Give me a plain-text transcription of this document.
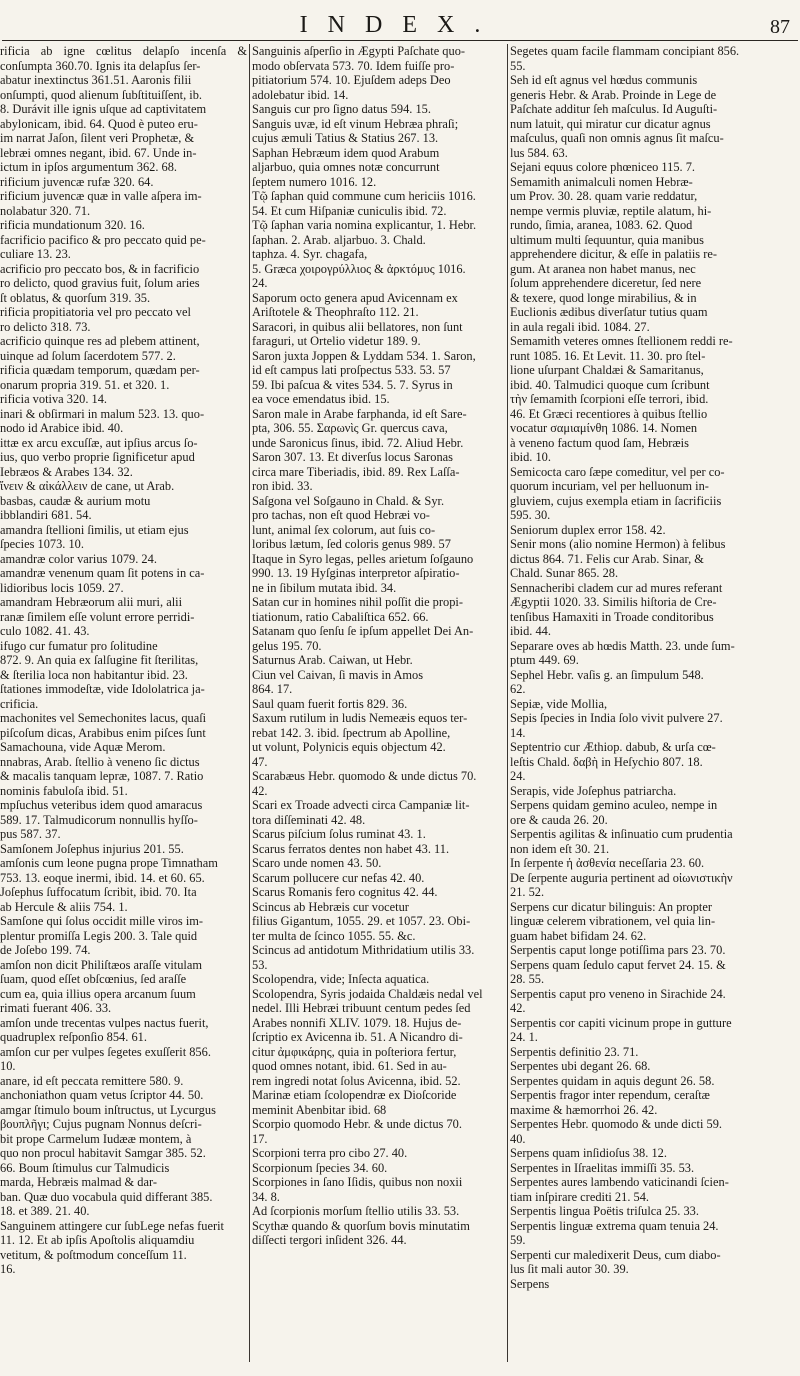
INDEX.	87
rificia ab igne cœlitus delapſo incenſa & conſumpta 360.70. Ignis ita delapſus ſer-
abatur inextinctus 361.51. Aaronis filii
onſumpti, quod alienum ſubſtituiſſent, ib.
8. Durávit ille ignis uſque ad captivitatem
abylonicam, ibid. 64. Quod è puteo eru-
im narrat Jaſon, ſilent veri Prophetæ, &
lebræi omnes negant, ibid. 67. Unde in-
ictum in ipſos argumentum 362. 68.
rificium juvencæ rufæ 320. 64.
rificium juvencæ quæ in valle aſpera im-
nolabatur 320. 71.
rificia mundationum 320. 16.
facrificio pacifico & pro peccato quid pe-
culiare 13. 23.
acrificio pro peccato bos, & in facrificio
ro delicto, quod gravius fuit, ſolum aries
ſt oblatus, & quorſum 319. 35.
rificia propitiatoria vel pro peccato vel
ro delicto 318. 73.
acrificio quinque res ad plebem attinent,
uinque ad ſolum ſacerdotem 577. 2.
rificia quædam temporum, quædam per-
onarum propria 319. 51. et 320. 1.
rificia votiva 320. 14.
inari & obſirmari in malum 523. 13. quo-
nodo id Arabice ibid. 40.
ittæ ex arcu excuſſæ, aut ipſius arcus ſo-
ius, quo verbo proprie ſignificetur apud
Iebræos & Arabes 134. 32.
ἴνειν & αἰκάλλειν de cane, ut Arab.
basbas, caudæ & aurium motu
ibblandiri 681. 54.
amandra ſtellioni ſimilis, ut etiam ejus
ſpecies 1073. 10.
amandræ color varius 1079. 24.
amandræ venenum quam ſit potens in ca-
lidioribus locis 1059. 27.
amandram Hebræorum alii muri, alii
ranæ ſimilem eſſe volunt errore perridi-
culo 1082. 41. 43.
ifugo cur fumatur pro ſolitudine
872. 9. An quia ex ſalſugine fit ſterilitas,
& ſterilia loca non habitantur ibid. 23.
ſtationes immodeſtæ, vide Idololatrica ja-
crificia.
machonites vel Semechonites lacus, quaſi
piſcoſum dicas, Arabibus enim piſces ſunt
Samachouna, vide Aquæ Merom.
nnabras, Arab. ſtellio à veneno ſic dictus
& macalis tanquam lepræ, 1087. 7. Ratio
nominis fabuloſa ibid. 51.
mpſuchus veteribus idem quod amaracus
589. 17. Talmudicorum nonnullis hyſſo-
pus 587. 37.
Samſonem Joſephus injurius 201. 55.
amſonis cum leone pugna prope Timnatham
753. 13. eoque inermi, ibid. 14. et 60. 65.
Joſephus ſuffocatum ſcribit, ibid. 70. Ita
ab Hercule & aliis 754. 1.
Samſone qui ſolus occidit mille viros im-
plentur promiſſa Legis 200. 3. Tale quid
de Joſebo 199. 74.
amſon non dicit Philiſtæos araſſe vitulam
ſuam, quod eſſet obſcœnius, ſed araſſe
cum ea, quia illius opera arcanum ſuum
rimati fuerant 406. 33.
amſon unde trecentas vulpes nactus fuerit,
quadruplex reſponſio 854. 61.
amſon cur per vulpes ſegetes exuſſerit 856.
10.
anare, id eſt peccata remittere 580. 9.
anchoniathon quam vetus ſcriptor 44. 50.
amgar ſtimulo boum inſtructus, ut Lycurgus
βουπλῆγι; Cujus pugnam Nonnus deſcri-
bit prope Carmelum Iudææ montem, à
quo non procul habitavit Samgar 385. 52.
66. Boum ſtimulus cur Talmudicis
marda, Hebræis malmad & dar-
ban. Quæ duo vocabula quid differant 385.
18. et 389. 21. 40.
Sanguinem attingere cur ſubLege nefas fuerit
11. 12. Et ab ipſis Apoſtolis aliquamdiu
vetitum, & poſtmodum conceſſum 11.
16.
Sanguinis aſperſio in Ægypti Paſchate quo-
modo obſervata 573. 70. Idem fuiſſe pro-
pitiatorium 574. 10. Ejuſdem adeps Deo
adolebatur ibid. 14.
Sanguis cur pro ſigno datus 594. 15.
Sanguis uvæ, id eſt vinum Hebræa phraſi;
cujus æmuli Tatius & Statius 267. 13.
Saphan Hebræum idem quod Arabum
aljarbuo, quia omnes notæ concurrunt
ſeptem numero 1016. 12.
Τῷ ſaphan quid commune cum hericiis 1016.
54. Et cum Hiſpaniæ cuniculis ibid. 72.
Τῷ ſaphan varia nomina explicantur, 1. Hebr.
ſaphan. 2. Arab. aljarbuo. 3. Chald.
taphza. 4. Syr. chagafa,
5. Græca χοιρογρύλλιος & ἀρκτόμυς 1016.
24.
Saporum octo genera apud Avicennam ex
Ariſtotele & Theophraſto 112. 21.
Saracori, in quibus alii bellatores, non ſunt
faraguri, ut Ortelio videtur 189. 9.
Saron juxta Joppen & Lyddam 534. 1. Saron,
id eſt campus lati proſpectus 533. 53. 57
59. Ibi paſcua & vites 534. 5. 7. Syrus in
ea voce emendatus ibid. 15.
Saron male in Arabe farphanda, id eſt Sare-
pta, 306. 55. Σαρωνὶς Gr. quercus cava,
unde Saronicus ſinus, ibid. 72. Aliud Hebr.
Saron 307. 13. Et diverſus locus Saronas
circa mare Tiberiadis, ibid. 89. Rex Laſſa-
ron ibid. 33.
Saſgona vel Soſgauno in Chald. & Syr.
pro tachas, non eſt quod Hebræi vo-
lunt, animal ſex colorum, aut ſuis co-
loribus lætum, ſed coloris genus 989. 57
Itaque in Syro legas, pelles arietum ſoſgauno
990. 13. 19 Hyſginas interpretor aſpiratio-
ne in ſibilum mutata ibid. 34.
Satan cur in homines nihil poſſit die propi-
tiationum, ratio Cabaliſtica 652. 66.
Satanam quo ſenſu ſe ipſum appellet Dei An-
gelus 195. 70.
Saturnus Arab. Caiwan, ut Hebr.
Ciun vel Caivan, ſi mavis in Amos
864. 17.
Saul quam fuerit fortis 829. 36.
Saxum rutilum in ludis Nemeæis equos ter-
rebat 142. 3. ibid. ſpectrum ab Apolline,
ut volunt, Polynicis equis objectum 42.
47.
Scarabæus Hebr. quomodo & unde dictus 70.
42.
Scari ex Troade advecti circa Campaniæ lit-
tora diſſeminati 42. 48.
Scarus piſcium ſolus ruminat 43. 1.
Scarus ferratos dentes non habet 43. 11.
Scaro unde nomen 43. 50.
Scarum pollucere cur nefas 42. 40.
Scarus Romanis fero cognitus 42. 44.
Scincus ab Hebræis cur vocetur
filius Gigantum, 1055. 29. et 1057. 23. Obi-
ter multa de ſcinco 1055. 55. &c.
Scincus ad antidotum Mithridatium utilis 33.
53.
Scolopendra, vide; Inſecta aquatica.
Scolopendra, Syris jodaida Chaldæis nedal vel
nedel. Illi Hebræi tribuunt centum pedes ſed
Arabes nonnifi XLIV. 1079. 18. Hujus de-
ſcriptio ex Avicenna ib. 51. A Nicandro di-
citur ἀμφικάρης, quia in poſteriora fertur,
quod omnes notant, ibid. 61. Sed in au-
rem ingredi notat ſolus Avicenna, ibid. 52.
Marinæ etiam ſcolopendræ ex Dioſcoride
meminit Abenbitar ibid. 68
Scorpio quomodo Hebr. & unde dictus 70.
17.
Scorpioni terra pro cibo 27. 40.
Scorpionum ſpecies 34. 60.
Scorpiones in ſano Iſidis, quibus non noxii
34. 8.
Ad ſcorpionis morſum ſtellio utilis 33. 53.
Scythæ quando & quorſum bovis minutatim
diſſecti tergori inſident 326. 44.
Segetes quam facile flammam concipiant 856.
55.
Seh id eſt agnus vel hœdus communis
generis Hebr. & Arab. Proinde in Lege de
Paſchate additur ſeh maſculus. Id Auguſti-
num latuit, qui miratur cur dicatur agnus
maſculus, quaſi non omnis agnus ſit maſcu-
lus 584. 63.
Sejani equus colore phœniceo 115. 7.
Semamith animalculi nomen Hebræ-
um Prov. 30. 28. quam varie reddatur,
nempe vermis pluviæ, reptile alatum, hi-
rundo, ſimia, aranea, 1083. 62. Quod
ultimum multi ſequuntur, quia manibus
apprehendere dicitur, & eſſe in palatiis re-
gum. At aranea non habet manus, nec
ſolum apprehendere diceretur, ſed nere
& texere, quod longe mirabilius, & in
Euclionis ædibus diverſatur tutius quam
in aula regali ibid. 1084. 27.
Semamith veteres omnes ſtellionem reddi re-
runt 1085. 16. Et Levit. 11. 30. pro ſtel-
lione uſurpant Chaldæi & Samaritanus,
ibid. 40. Talmudici quoque cum ſcribunt
τὴν ſemamith ſcorpioni eſſe terrori, ibid.
46. Et Græci recentiores à quibus ſtellio
vocatur σαμιαμίνθη 1086. 14. Nomen
à veneno factum quod ſam, Hebræis
ibid. 10.
Semicocta caro ſæpe comeditur, vel per co-
quorum incuriam, vel per helluonum in-
gluviem, cujus exempla etiam in ſacrificiis
595. 30.
Seniorum duplex error 158. 42.
Senir mons (alio nomine Hermon) à felibus
dictus 864. 71. Felis cur Arab. Sinar, &
Chald. Sunar 865. 28.
Sennacheribi cladem cur ad mures referant
Ægyptii 1020. 33. Similis hiſtoria de Cre-
tenſibus Hamaxiti in Troade conditoribus
ibid. 44.
Separare oves ab hœdis Matth. 23. unde ſum-
ptum 449. 69.
Sephel Hebr. vaſis g. an ſimpulum 548.
62.
Sepiæ, vide Mollia,
Sepis ſpecies in India ſolo vivit pulvere 27.
14.
Septentrio cur Æthiop. dabub, & urſa cœ-
leſtis Chald. δαβὴ in Heſychio 807. 18.
24.
Serapis, vide Joſephus patriarcha.
Serpens quidam gemino aculeo, nempe in
ore & cauda 26. 20.
Serpentis agilitas & inſinuatio cum prudentia
non idem eſt 30. 21.
In ſerpente ἡ ἀσθενία neceſſaria 23. 60.
De ſerpente auguria pertinent ad οἰωνιστικὴν
21. 52.
Serpens cur dicatur bilinguis: An propter
linguæ celerem vibrationem, vel quia lin-
guam habet bifidam 24. 62.
Serpentis caput longe potiſſima pars 23. 70.
Serpens quam ſedulo caput fervet 24. 15. &
28. 55.
Serpentis caput pro veneno in Sirachide 24.
42.
Serpentis cor capiti vicinum prope in gutture
24. 1.
Serpentis definitio 23. 71.
Serpentes ubi degant 26. 68.
Serpentes quidam in aquis degunt 26. 58.
Serpentis fragor inter rependum, ceraſtæ
maxime & hæmorrhoi 26. 42.
Serpentes Hebr. quomodo & unde dicti 59.
40.
Serpens quam inſidioſus 38. 12.
Serpentes in Iſraelitas immiſſi 35. 53.
Serpentes aures lambendo vaticinandi ſcien-
tiam inſpirare crediti 21. 54.
Serpentis lingua Poëtis triſulca 25. 33.
Serpentis linguæ extrema quam tenuia 24.
59.
Serpenti cur maledixerit Deus, cum diabo-
lus ſit mali autor 30. 39.
Serpens
